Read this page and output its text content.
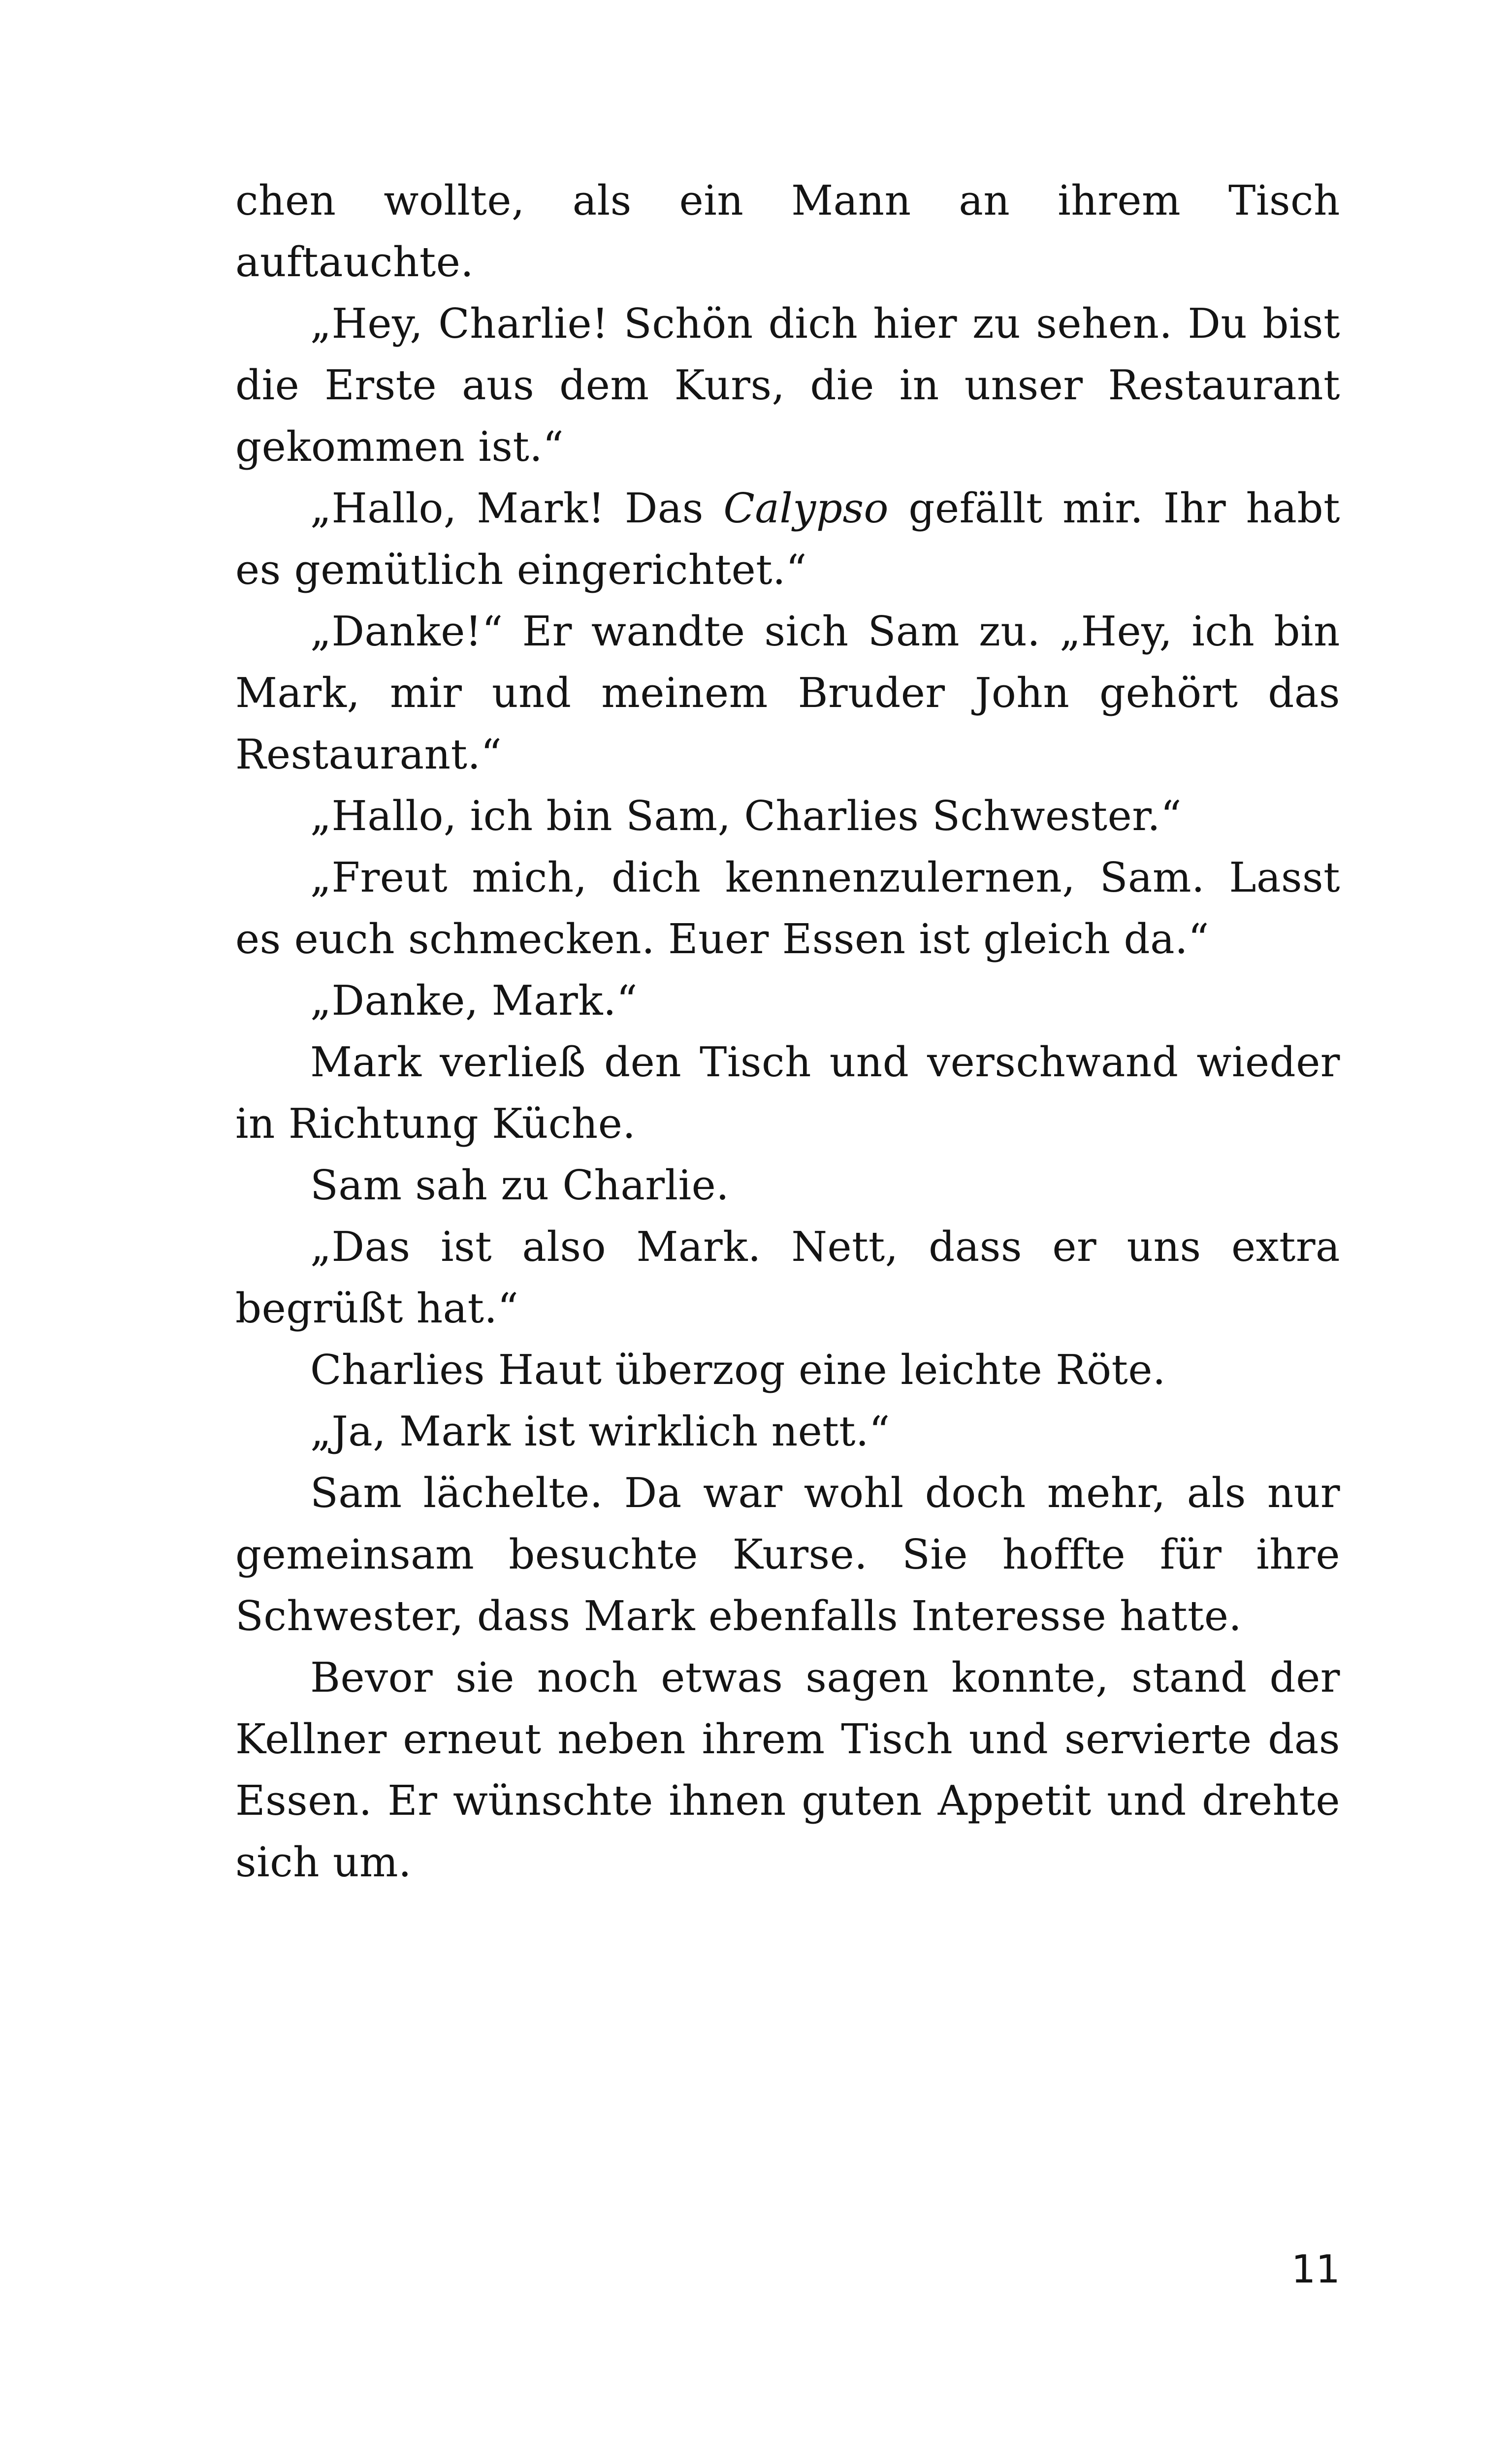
chen wollte, als ein Mann an ihrem Tisch auftauchte.

„Hey, Charlie! Schön dich hier zu sehen. Du bist die Erste aus dem Kurs, die in unser Restaurant gekommen ist.“

„Hallo, Mark! Das Calypso gefällt mir. Ihr habt es gemütlich eingerichtet.“

„Danke!“ Er wandte sich Sam zu. „Hey, ich bin Mark, mir und meinem Bruder John gehört das Restaurant.“

„Hallo, ich bin Sam, Charlies Schwester.“

„Freut mich, dich kennenzulernen, Sam. Lasst es euch schmecken. Euer Essen ist gleich da.“

„Danke, Mark.“

Mark verließ den Tisch und verschwand wieder in Richtung Küche.

Sam sah zu Charlie.

„Das ist also Mark. Nett, dass er uns extra begrüßt hat.“

Charlies Haut überzog eine leichte Röte.

„Ja, Mark ist wirklich nett.“

Sam lächelte. Da war wohl doch mehr, als nur gemeinsam besuchte Kurse. Sie hoffte für ihre Schwester, dass Mark ebenfalls Interesse hatte.

Bevor sie noch etwas sagen konnte, stand der Kellner erneut neben ihrem Tisch und servierte das Essen. Er wünschte ihnen guten Appetit und drehte sich um.

11
